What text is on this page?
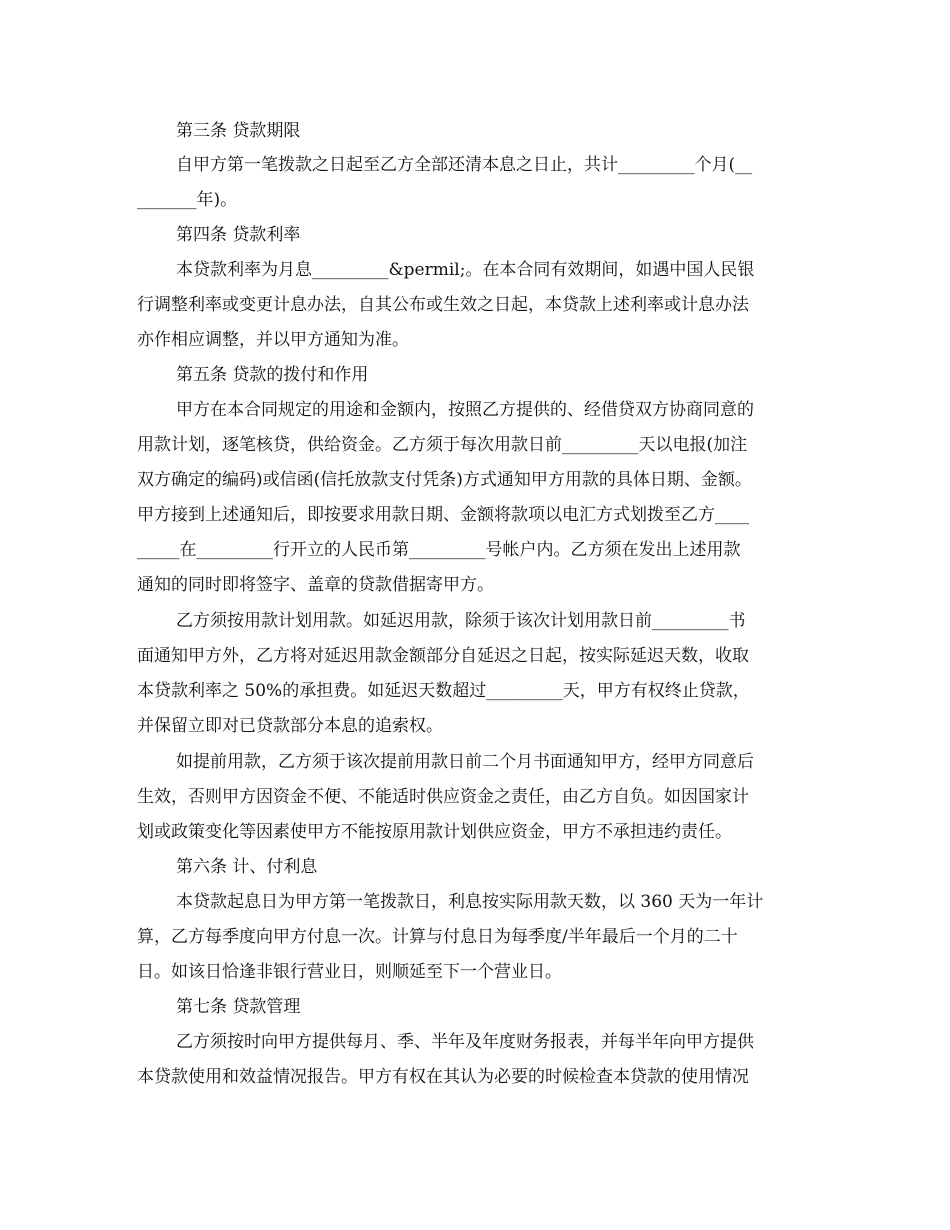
第三条 贷款期限
自甲方第一笔拨款之日起至乙方全部还清本息之日止，共计_________个月(__
_______年)。
第四条 贷款利率
本贷款利率为月息_________&permil;。在本合同有效期间，如遇中国人民银
行调整利率或变更计息办法，自其公布或生效之日起，本贷款上述利率或计息办法
亦作相应调整，并以甲方通知为准。
第五条 贷款的拨付和作用
甲方在本合同规定的用途和金额内，按照乙方提供的、经借贷双方协商同意的
用款计划，逐笔核贷，供给资金。乙方须于每次用款日前_________天以电报(加注
双方确定的编码)或信函(信托放款支付凭条)方式通知甲方用款的具体日期、金额。
甲方接到上述通知后，即按要求用款日期、金额将款项以电汇方式划拨至乙方____
_____在_________行开立的人民币第_________号帐户内。乙方须在发出上述用款
通知的同时即将签字、盖章的贷款借据寄甲方。
乙方须按用款计划用款。如延迟用款，除须于该次计划用款日前_________书
面通知甲方外，乙方将对延迟用款金额部分自延迟之日起，按实际延迟天数，收取
本贷款利率之 50%的承担费。如延迟天数超过_________天，甲方有权终止贷款，
并保留立即对已贷款部分本息的追索权。
如提前用款，乙方须于该次提前用款日前二个月书面通知甲方，经甲方同意后
生效，否则甲方因资金不便、不能适时供应资金之责任，由乙方自负。如因国家计
划或政策变化等因素使甲方不能按原用款计划供应资金，甲方不承担违约责任。
第六条 计、付利息
本贷款起息日为甲方第一笔拨款日，利息按实际用款天数，以 360 天为一年计
算，乙方每季度向甲方付息一次。计算与付息日为每季度/半年最后一个月的二十
日。如该日恰逢非银行营业日，则顺延至下一个营业日。
第七条 贷款管理
乙方须按时向甲方提供每月、季、半年及年度财务报表，并每半年向甲方提供
本贷款使用和效益情况报告。甲方有权在其认为必要的时候检查本贷款的使用情况
